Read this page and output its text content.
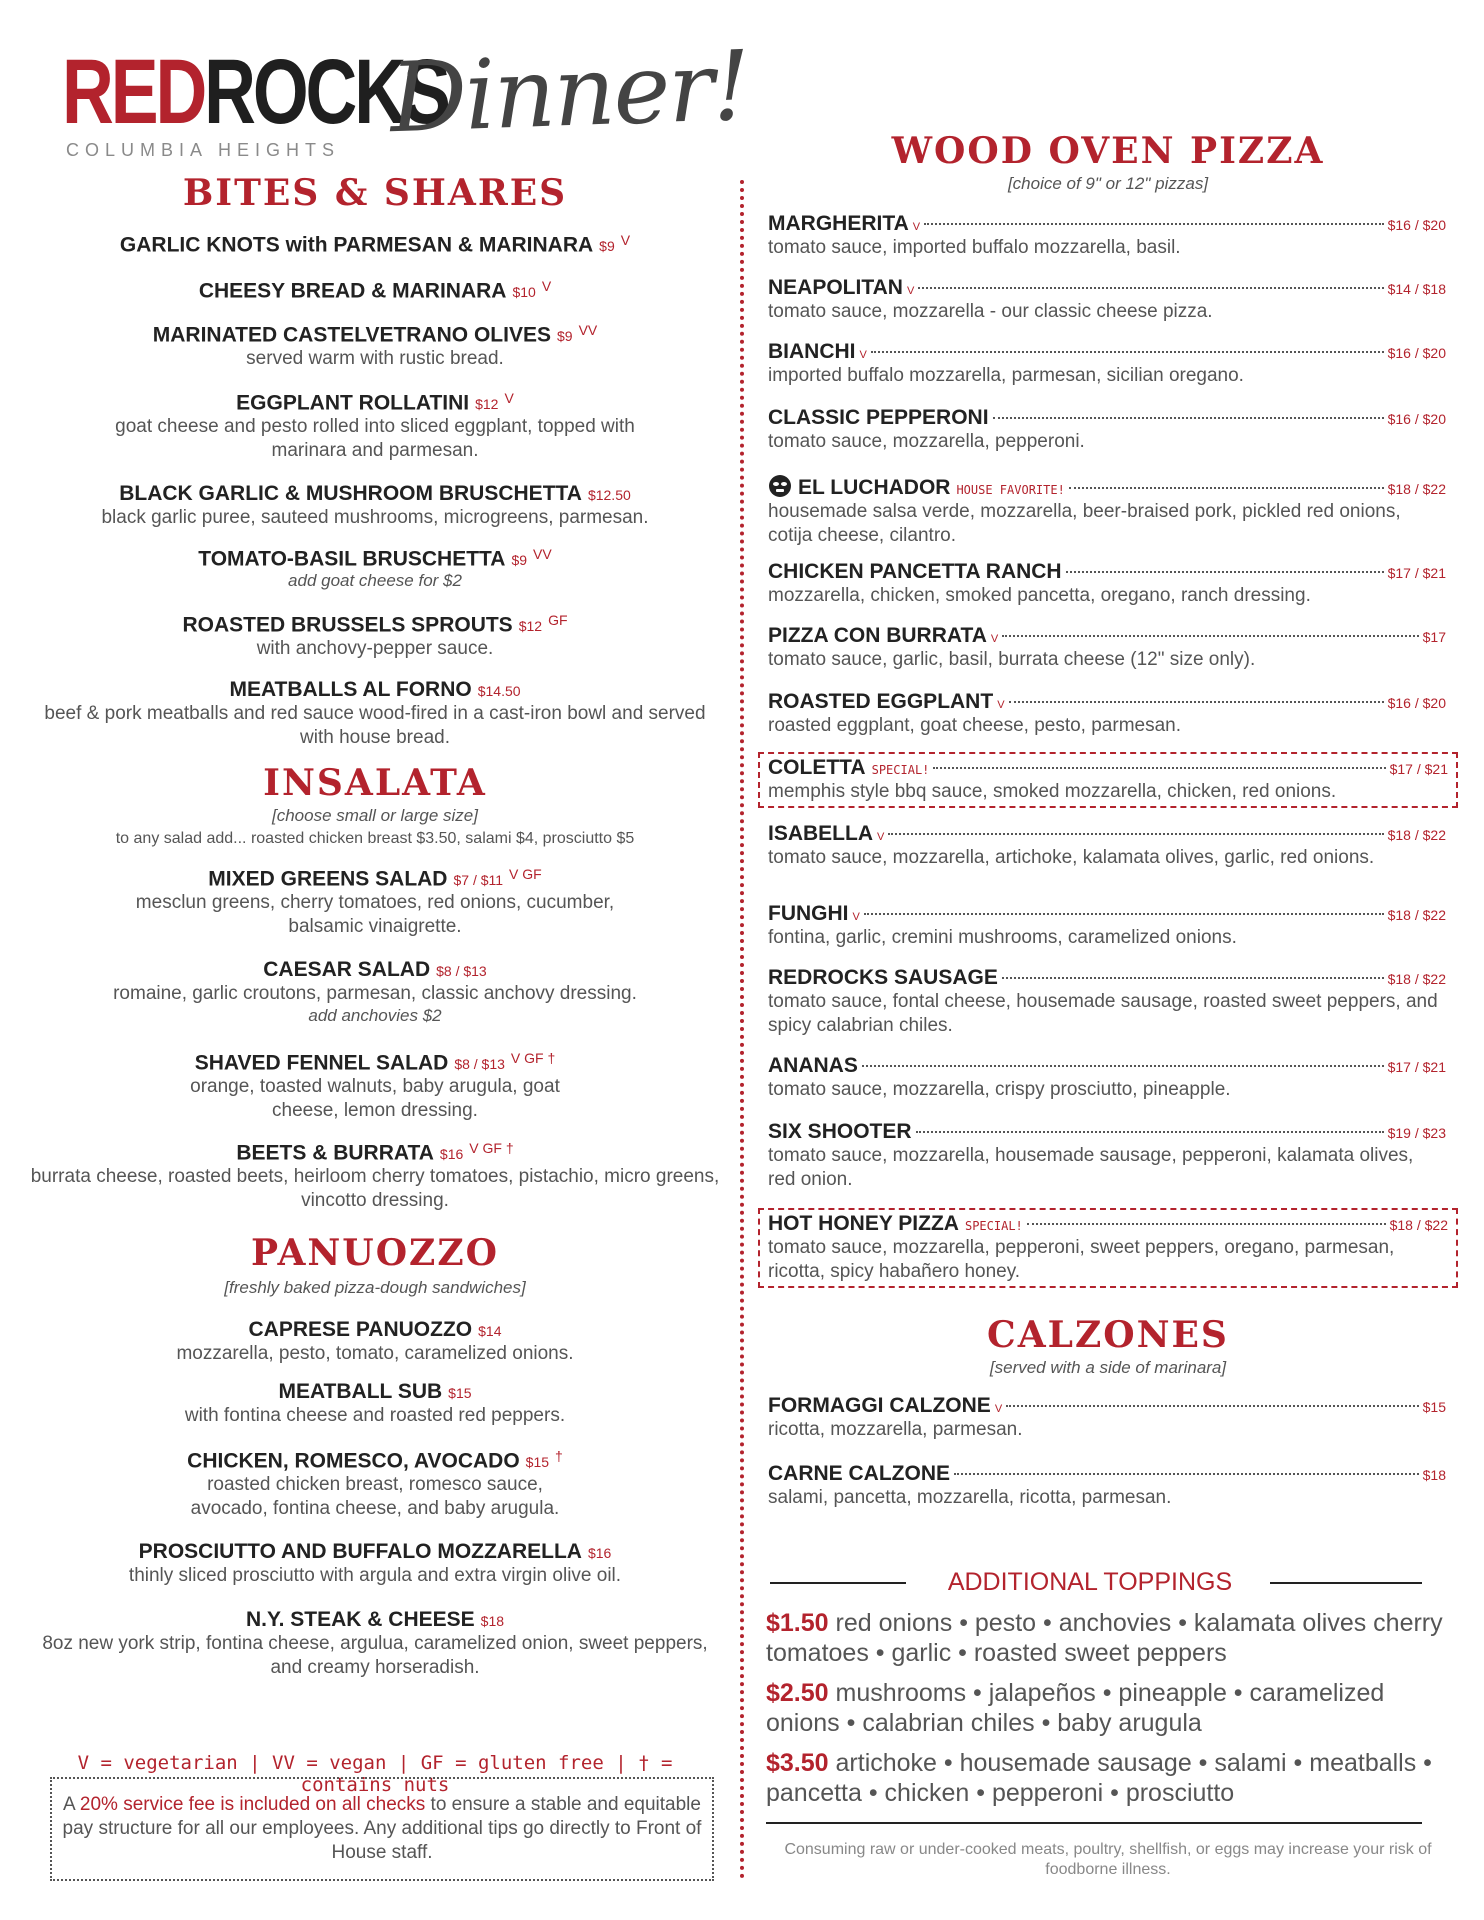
REDROCKS
COLUMBIA HEIGHTS Dinner!
BITES & SHARES
GARLIC KNOTS with PARMESAN & MARINARA $9 $^V$
CHEESY BREAD & MARINARA $10 $^V$
MARINATED CASTELVETRANO OLIVES $9 $^{VV}$
served warm with rustic bread.
EGGPLANT ROLLATINI $12 $^V$
goat cheese and pesto rolled into sliced eggplant, topped with marinara and parmesan.
BLACK GARLIC & MUSHROOM BRUSCHETTA $12.50
black garlic puree, sauteed mushrooms, microgreens, parmesan.
TOMATO-BASIL BRUSCHETTA $9 $^{VV}$
add goat cheese for $2
ROASTED BRUSSELS SPROUTS $12 $^{GF}$
with anchovy-pepper sauce.
MEATBALLS AL FORNO $14.50
beef & pork meatballs and red sauce wood-fired in a cast-iron bowl and served with house bread.
INSALATA
[choose small or large size]
to any salad add... roasted chicken breast $3.50, salami $4, prosciutto $5
MIXED GREENS SALAD $7 / $11 $^{V GF}$
mesclun greens, cherry tomatoes, red onions, cucumber, balsamic vinaigrette.
CAESAR SALAD $8 / $13
romaine, garlic croutons, parmesan, classic anchovy dressing.
add anchovies $2
SHAVED FENNEL SALAD $8 / $13 $^{V GF \dagger}$
orange, toasted walnuts, baby arugula, goat cheese, lemon dressing.
BEETS & BURRATA $16 $^{V GF \dagger}$
burrata cheese, roasted beets, heirloom cherry tomatoes, pistachio, micro greens, vincotto dressing.
PANUOZZO
[freshly baked pizza-dough sandwiches]
CAPRESE PANUOZZO $14
mozzarella, pesto, tomato, caramelized onions.
MEATBALL SUB $15
with fontina cheese and roasted red peppers.
CHICKEN, ROMESCO, AVOCADO $15 †
roasted chicken breast, romesco sauce, avocado, fontina cheese, and baby arugula.
PROSCIUTTO AND BUFFALO MOZZARELLA $16
thinly sliced prosciutto with argula and extra virgin olive oil.
N.Y. STEAK & CHEESE $18
8oz new york strip, fontina cheese, argulua, caramelized onion, sweet peppers, and creamy horseradish.
V = vegetarian | VV = vegan | GF = gluten free | † = contains nuts
A 20% service fee is included on all checks to ensure a stable and equitable pay structure for all our employees. Any additional tips go directly to Front of House staff.
WOOD OVEN PIZZA
[choice of 9" or 12" pizzas]
MARGHERITA V	$16 / $20
tomato sauce, imported buffalo mozzarella, basil.
NEAPOLITAN V	$14 / $18
tomato sauce, mozzarella - our classic cheese pizza.
BIANCHI V	$16 / $20
imported buffalo mozzarella, parmesan, sicilian oregano.
CLASSIC PEPPERONI	$16 / $20
tomato sauce, mozzarella, pepperoni.
EL LUCHADOR HOUSE FAVORITE!	$18 / $22
housemade salsa verde, mozzarella, beer-braised pork, pickled red onions, cotija cheese, cilantro.
CHICKEN PANCETTA RANCH	$17 / $21
mozzarella, chicken, smoked pancetta, oregano, ranch dressing.
PIZZA CON BURRATA V	$17
tomato sauce, garlic, basil, burrata cheese (12" size only).
ROASTED EGGPLANT V	$16 / $20
roasted eggplant, goat cheese, pesto, parmesan.
COLETTA SPECIAL!	$17 / $21
memphis style bbq sauce, smoked mozzarella, chicken, red onions.
ISABELLA V	$18 / $22
tomato sauce, mozzarella, artichoke, kalamata olives, garlic, red onions.
FUNGHI V	$18 / $22
fontina, garlic, cremini mushrooms, caramelized onions.
REDROCKS SAUSAGE	$18 / $22
tomato sauce, fontal cheese, housemade sausage, roasted sweet peppers, and spicy calabrian chiles.
ANANAS	$17 / $21
tomato sauce, mozzarella, crispy prosciutto, pineapple.
SIX SHOOTER	$19 / $23
tomato sauce, mozzarella, housemade sausage, pepperoni, kalamata olives, red onion.
HOT HONEY PIZZA SPECIAL!	$18 / $22
tomato sauce, mozzarella, pepperoni, sweet peppers, oregano, parmesan, ricotta, spicy habañero honey.
CALZONES
[served with a side of marinara]
FORMAGGI CALZONE V	$15
ricotta, mozzarella, parmesan.
CARNE CALZONE	$18
salami, pancetta, mozzarella, ricotta, parmesan.
ADDITIONAL TOPPINGS
$1.50 red onions • pesto • anchovies • kalamata olives cherry tomatoes • garlic • roasted sweet peppers
$2.50 mushrooms • jalapeños • pineapple • caramelized onions • calabrian chiles • baby arugula
$3.50 artichoke • housemade sausage • salami • meatballs • pancetta • chicken • pepperoni • prosciutto
Consuming raw or under-cooked meats, poultry, shellfish, or eggs may increase your risk of foodborne illness.
